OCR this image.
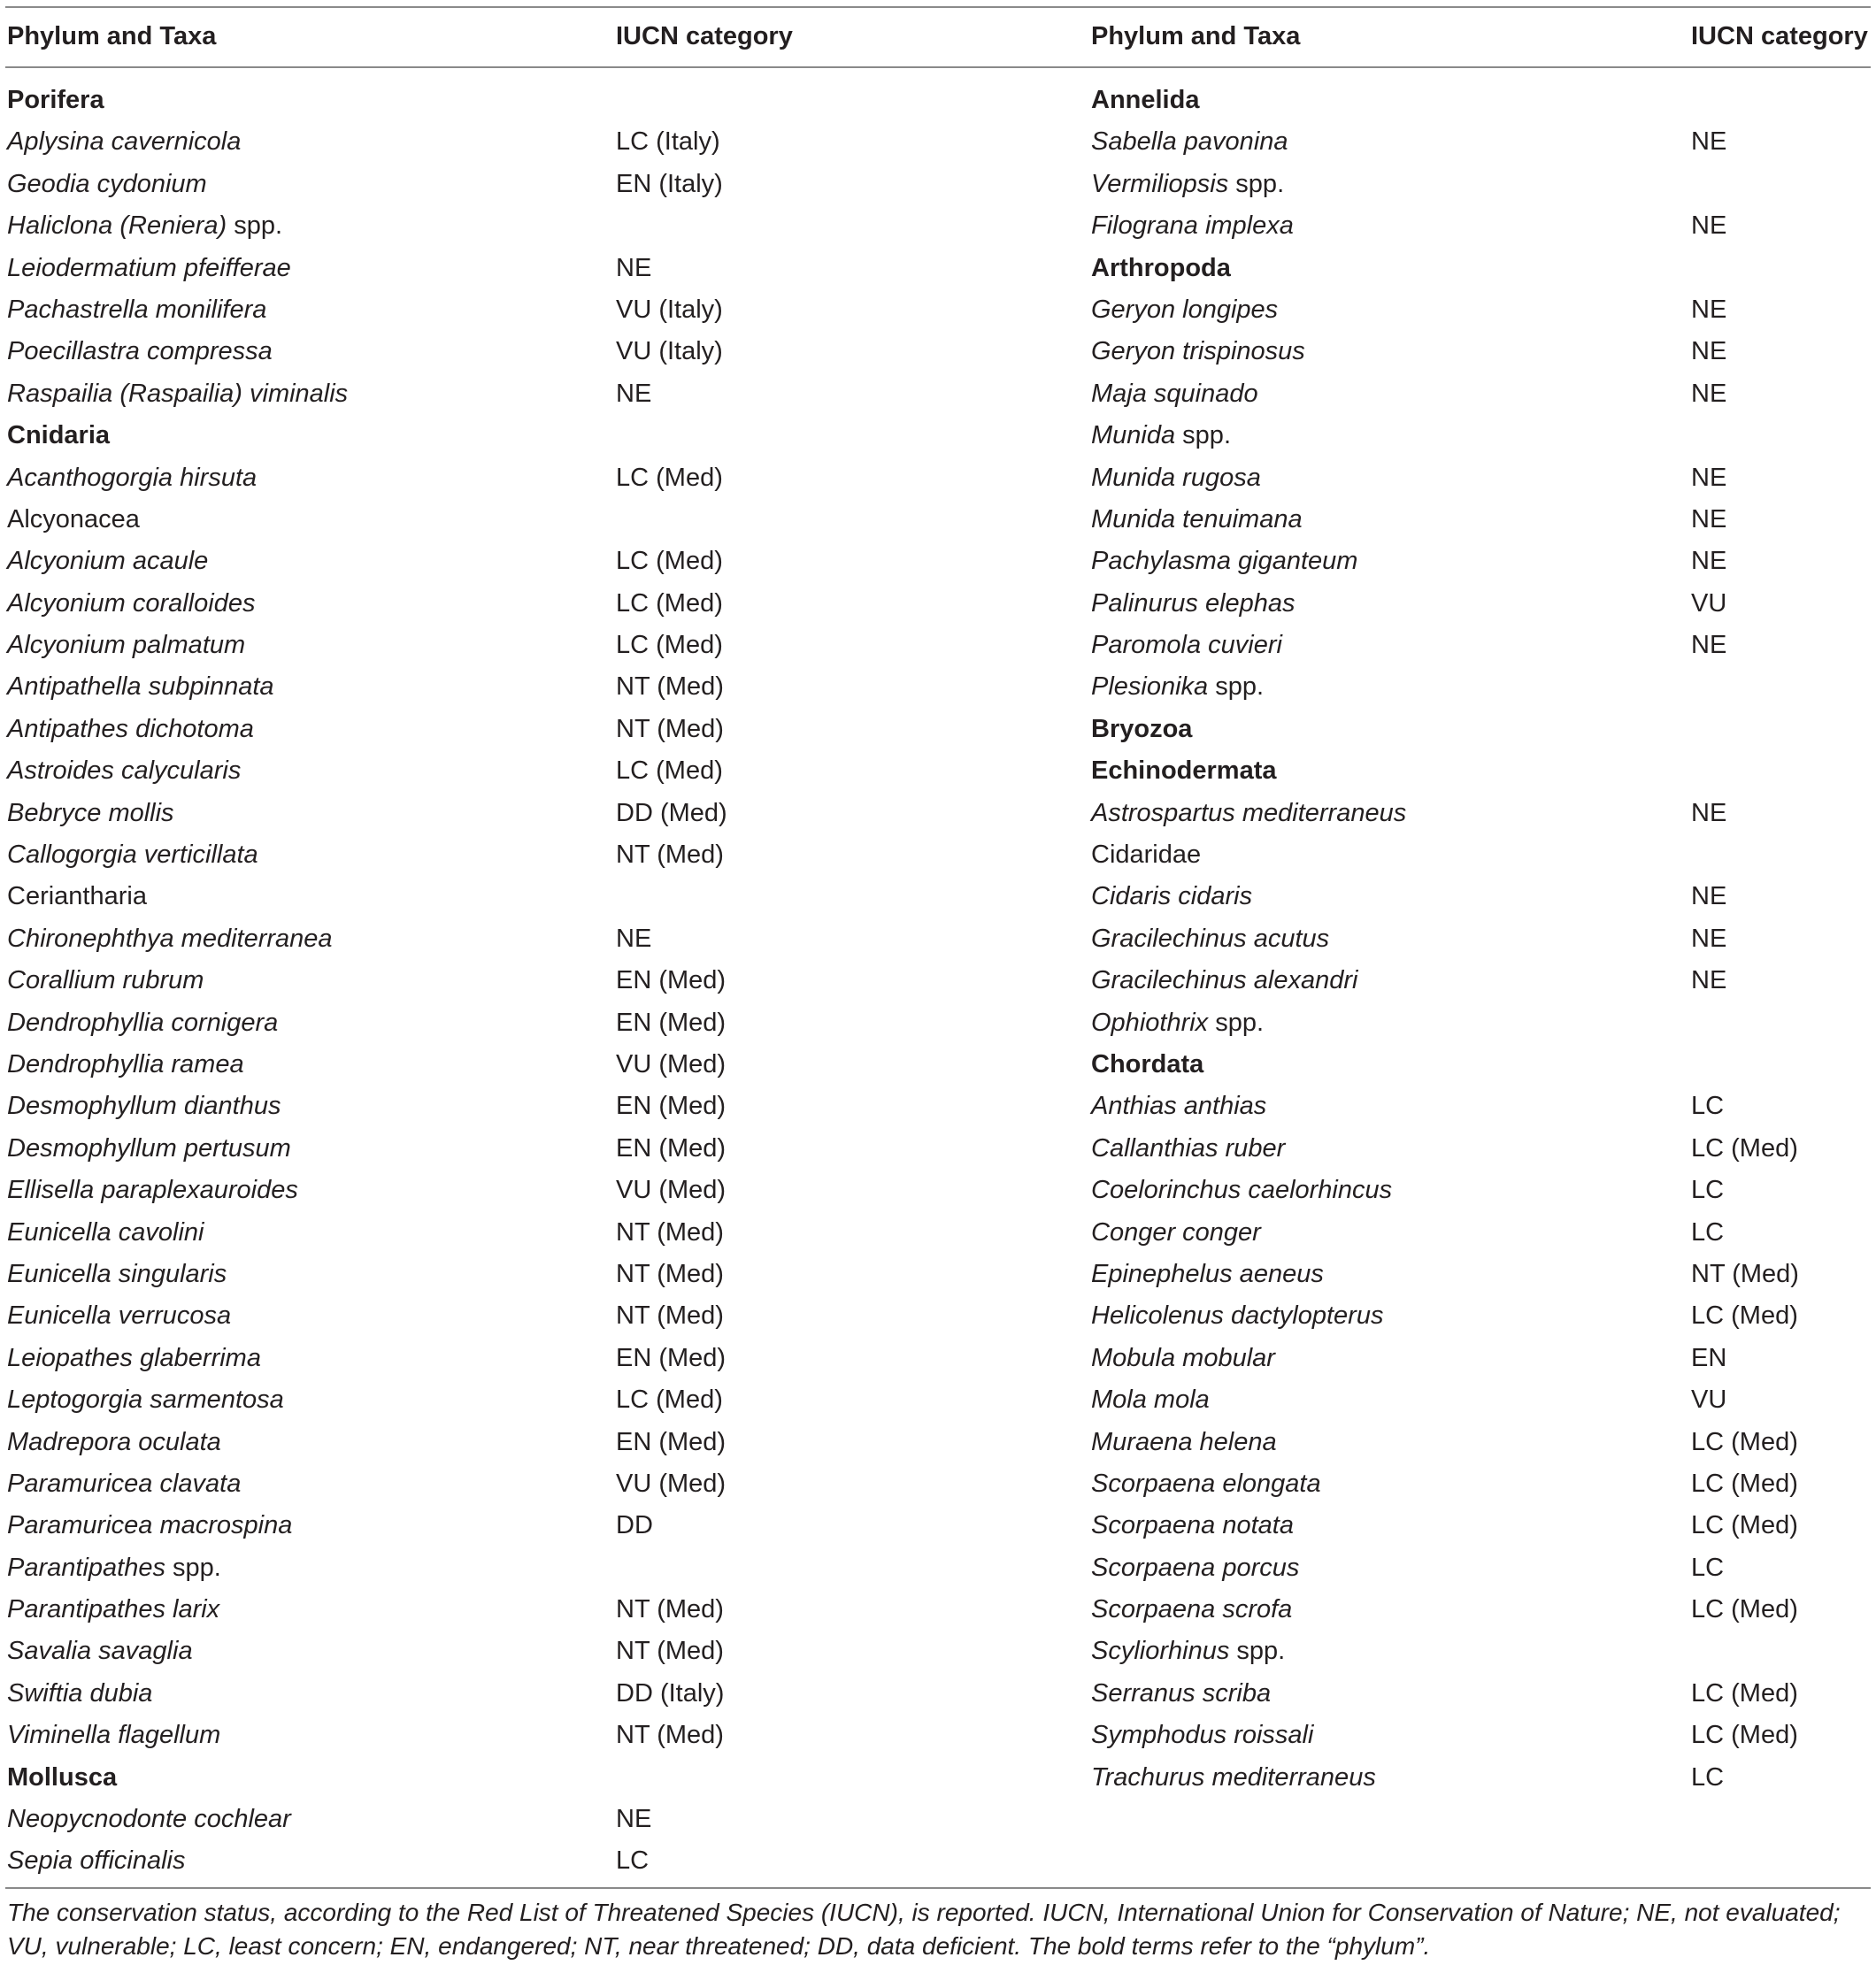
Phylum and Taxa	IUCN category	Phylum and Taxa	IUCN category
Porifera
Aplysina cavernicola	LC (Italy)
Geodia cydonium	EN (Italy)
Haliclona (Reniera) spp.
Leiodermatium pfeifferae	NE
Pachastrella monilifera	VU (Italy)
Poecillastra compressa	VU (Italy)
Raspailia (Raspailia) viminalis	NE
Cnidaria
Acanthogorgia hirsuta	LC (Med)
Alcyonacea
Alcyonium acaule	LC (Med)
Alcyonium coralloides	LC (Med)
Alcyonium palmatum	LC (Med)
Antipathella subpinnata	NT (Med)
Antipathes dichotoma	NT (Med)
Astroides calycularis	LC (Med)
Bebryce mollis	DD (Med)
Callogorgia verticillata	NT (Med)
Ceriantharia
Chironephthya mediterranea	NE
Corallium rubrum	EN (Med)
Dendrophyllia cornigera	EN (Med)
Dendrophyllia ramea	VU (Med)
Desmophyllum dianthus	EN (Med)
Desmophyllum pertusum	EN (Med)
Ellisella paraplexauroides	VU (Med)
Eunicella cavolini	NT (Med)
Eunicella singularis	NT (Med)
Eunicella verrucosa	NT (Med)
Leiopathes glaberrima	EN (Med)
Leptogorgia sarmentosa	LC (Med)
Madrepora oculata	EN (Med)
Paramuricea clavata	VU (Med)
Paramuricea macrospina	DD
Parantipathes spp.
Parantipathes larix	NT (Med)
Savalia savaglia	NT (Med)
Swiftia dubia	DD (Italy)
Viminella flagellum	NT (Med)
Mollusca
Neopycnodonte cochlear	NE
Sepia officinalis	LC
Annelida
Sabella pavonina	NE
Vermiliopsis spp.
Filograna implexa	NE
Arthropoda
Geryon longipes	NE
Geryon trispinosus	NE
Maja squinado	NE
Munida spp.
Munida rugosa	NE
Munida tenuimana	NE
Pachylasma giganteum	NE
Palinurus elephas	VU
Paromola cuvieri	NE
Plesionika spp.
Bryozoa
Echinodermata
Astrospartus mediterraneus	NE
Cidaridae
Cidaris cidaris	NE
Gracilechinus acutus	NE
Gracilechinus alexandri	NE
Ophiothrix spp.
Chordata
Anthias anthias	LC
Callanthias ruber	LC (Med)
Coelorinchus caelorhincus	LC
Conger conger	LC
Epinephelus aeneus	NT (Med)
Helicolenus dactylopterus	LC (Med)
Mobula mobular	EN
Mola mola	VU
Muraena helena	LC (Med)
Scorpaena elongata	LC (Med)
Scorpaena notata	LC (Med)
Scorpaena porcus	LC
Scorpaena scrofa	LC (Med)
Scyliorhinus spp.
Serranus scriba	LC (Med)
Symphodus roissali	LC (Med)
Trachurus mediterraneus	LC
The conservation status, according to the Red List of Threatened Species (IUCN), is reported. IUCN, International Union for Conservation of Nature; NE, not evaluated; VU, vulnerable; LC, least concern; EN, endangered; NT, near threatened; DD, data deficient. The bold terms refer to the “phylum”.
